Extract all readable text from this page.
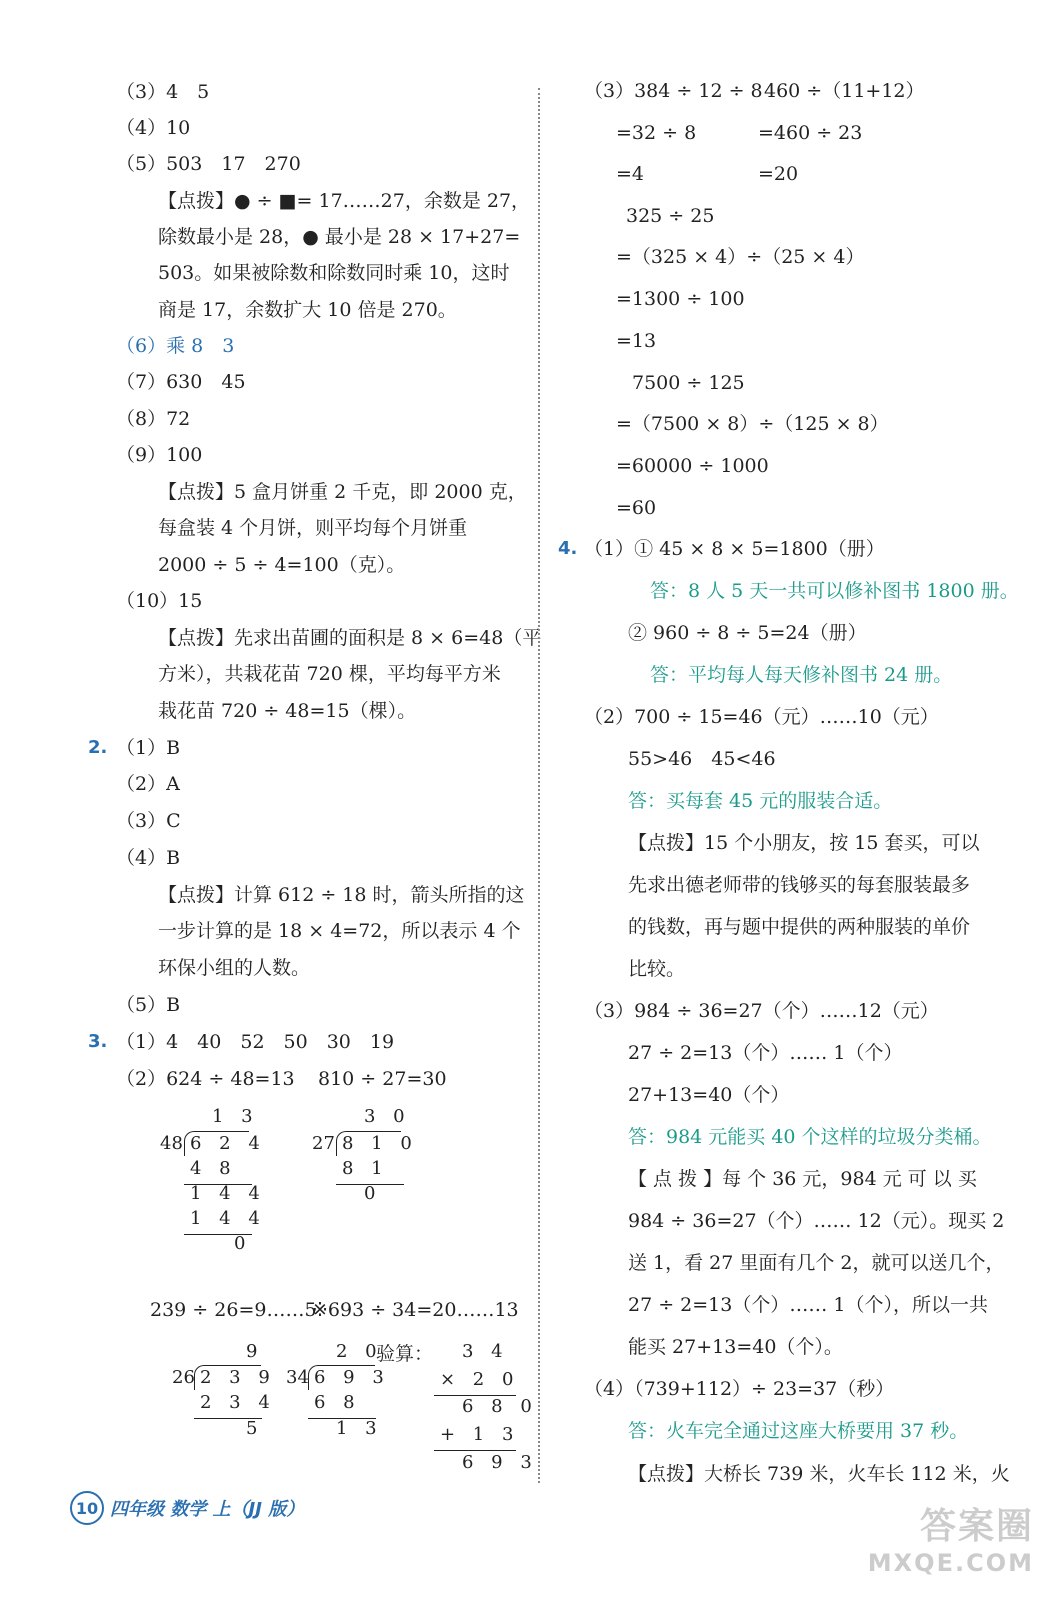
（3）4　5
（4）10
（5）503　17　270
【点拨】● ÷ ■= 17……27，余数是 27，
除数最小是 28，● 最小是 28 × 17+27=
503。如果被除数和除数同时乘 10，这时
商是 17，余数扩大 10 倍是 270。
（6）乘 8　3
（7）630　45
（8）72
（9）100
【点拨】5 盒月饼重 2 千克，即 2000 克，
每盒装 4 个月饼，则平均每个月饼重
2000 ÷ 5 ÷ 4=100（克）。
（10）15
【点拨】先求出苗圃的面积是 8 × 6=48（平
方米），共栽花苗 720 棵，平均每平方米
栽花苗 720 ÷ 48=15（棵）。
2. （1）B
（2）A
（3）C
（4）B
【点拨】计算 612 ÷ 18 时，箭头所指的这
一步计算的是 18 × 4=72，所以表示 4 个
环保小组的人数。
（5）B
3. （1）4　40　52　50　30　19
（2）624 ÷ 48=13 810 ÷ 27=30
1 3
48 6 2 4
4 8
1 4 4
1 4 4
0
3 0
27 8 1 0
8 1
0
239 ÷ 26=9……5
※693 ÷ 34=20……13
9
26 2 3 9
2 3 4
5
2 0
34 6 9 3
6 8
1 3
验算： 3 4
× 2 0
6 8 0
+ 1 3
6 9 3
（3）384 ÷ 12 ÷ 8 460 ÷（11+12）
=32 ÷ 8	=460 ÷ 23
=4	=20
325 ÷ 25
=（325 × 4）÷（25 × 4）
=1300 ÷ 100
=13
7500 ÷ 125
=（7500 × 8）÷（125 × 8）
=60000 ÷ 1000
=60
4. （1）① 45 × 8 × 5=1800（册）
答：8 人 5 天一共可以修补图书 1800 册。
② 960 ÷ 8 ÷ 5=24（册）
答：平均每人每天修补图书 24 册。
（2）700 ÷ 15=46（元）……10（元）
55>46　45<46
答：买每套 45 元的服装合适。
【点拨】15 个小朋友，按 15 套买，可以
先求出德老师带的钱够买的每套服装最多
的钱数，再与题中提供的两种服装的单价
比较。
（3）984 ÷ 36=27（个）……12（元）
27 ÷ 2=13（个）…… 1（个）
27+13=40（个）
答：984 元能买 40 个这样的垃圾分类桶。
【 点 拨 】每 个 36 元，984 元 可 以 买
984 ÷ 36=27（个）…… 12（元）。现买 2
送 1，看 27 里面有几个 2，就可以送几个，
27 ÷ 2=13（个）…… 1（个），所以一共
能买 27+13=40（个）。
（4）（739+112）÷ 23=37（秒）
答：火车完全通过这座大桥要用 37 秒。
【点拨】大桥长 739 米，火车长 112 米，火
10 四年级 数学 上（JJ 版）	答案圈
MXQE.COM
